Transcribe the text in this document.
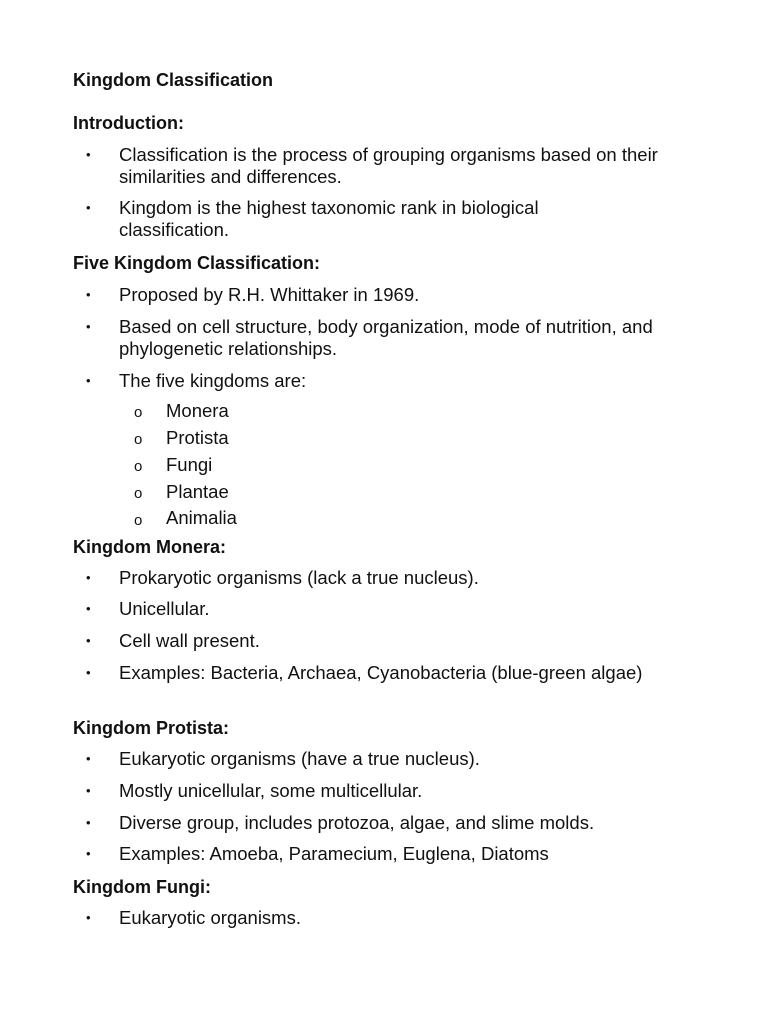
Kingdom Classification
Introduction:
• Classification is the process of grouping organisms based on their similarities and differences.
• Kingdom is the highest taxonomic rank in biological classification.
Five Kingdom Classification:
• Proposed by R.H. Whittaker in 1969.
• Based on cell structure, body organization, mode of nutrition, and phylogenetic relationships.
• The five kingdoms are:
o Monera
o Protista
o Fungi
o Plantae
o Animalia
Kingdom Monera:
• Prokaryotic organisms (lack a true nucleus).
• Unicellular.
• Cell wall present.
• Examples: Bacteria, Archaea, Cyanobacteria (blue-green algae)
Kingdom Protista:
• Eukaryotic organisms (have a true nucleus).
• Mostly unicellular, some multicellular.
• Diverse group, includes protozoa, algae, and slime molds.
• Examples: Amoeba, Paramecium, Euglena, Diatoms
Kingdom Fungi:
• Eukaryotic organisms.
